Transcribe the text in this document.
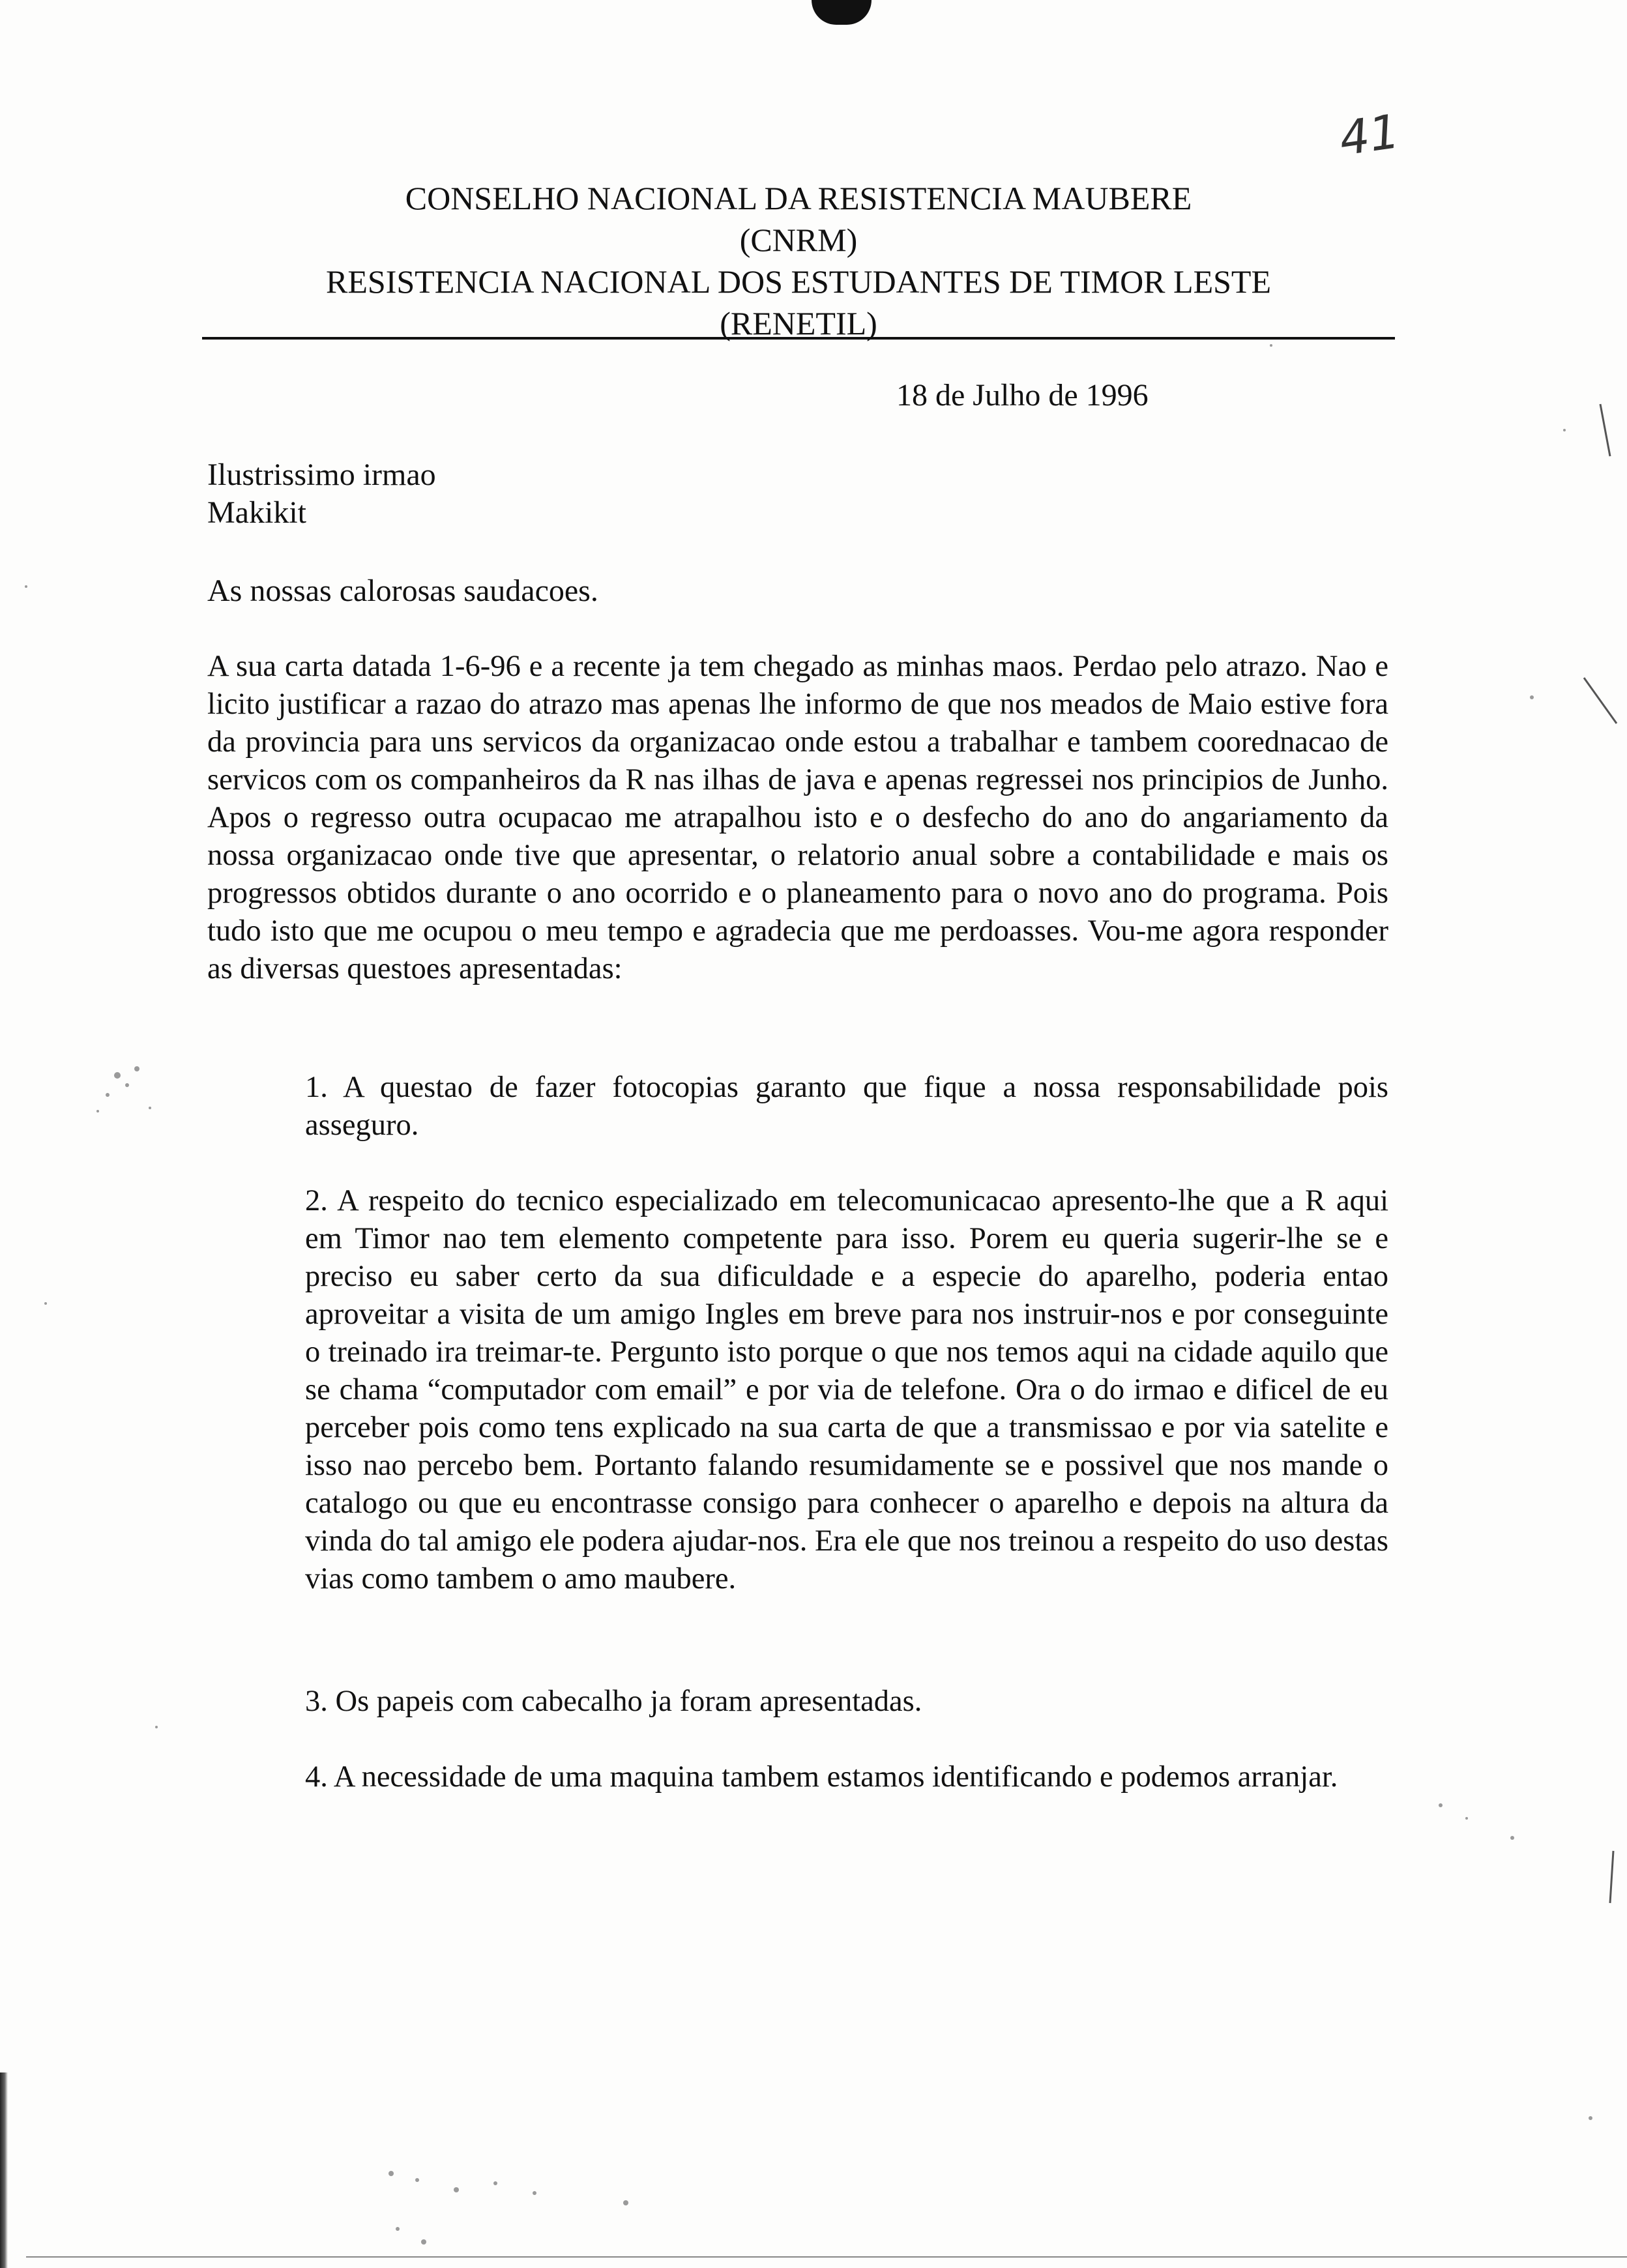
41
CONSELHO NACIONAL DA RESISTENCIA MAUBERE
(CNRM)
RESISTENCIA NACIONAL DOS ESTUDANTES DE TIMOR LESTE
(RENETIL)
18 de Julho de 1996
Ilustrissimo irmao
Makikit
As nossas calorosas saudacoes.

A sua carta datada 1-6-96 e a recente ja tem chegado as minhas maos. Perdao pelo atrazo. Nao e licito justificar a razao do atrazo mas apenas lhe informo de que nos meados de Maio estive fora da provincia para uns servicos da organizacao onde estou a trabalhar e tambem coorednacao de servicos com os companheiros da R nas ilhas de java e apenas regressei nos principios de Junho. Apos o regresso outra ocupacao me atrapalhou isto e o desfecho do ano do angariamento da nossa organizacao onde tive que apresentar, o relatorio anual sobre a contabilidade e mais os progressos obtidos durante o ano ocorrido e o planeamento para o novo ano do programa. Pois tudo isto que me ocupou o meu tempo e agradecia que me perdoasses. Vou-me agora responder as diversas questoes apresentadas:

1. A questao de fazer fotocopias garanto que fique a nossa responsabilidade pois asseguro.

2. A respeito do tecnico especializado em telecomunicacao apresento-lhe que a R aqui em Timor nao tem elemento competente para isso. Porem eu queria sugerir-lhe se e preciso eu saber certo da sua dificuldade e a especie do aparelho, poderia entao aproveitar a visita de um amigo Ingles em breve para nos instruir-nos e por conseguinte o treinado ira treimar-te. Pergunto isto porque o que nos temos aqui na cidade aquilo que se chama “computador com email” e por via de telefone. Ora o do irmao e dificel de eu perceber pois como tens explicado na sua carta de que a transmissao e por via satelite e isso nao percebo bem. Portanto falando resumidamente se e possivel que nos mande o catalogo ou que eu encontrasse consigo para conhecer o aparelho e depois na altura da vinda do tal amigo ele podera ajudar-nos. Era ele que nos treinou a respeito do uso destas vias como tambem o amo maubere.

3. Os papeis com cabecalho ja foram apresentadas.

4. A necessidade de uma maquina tambem estamos identificando e podemos arranjar.
